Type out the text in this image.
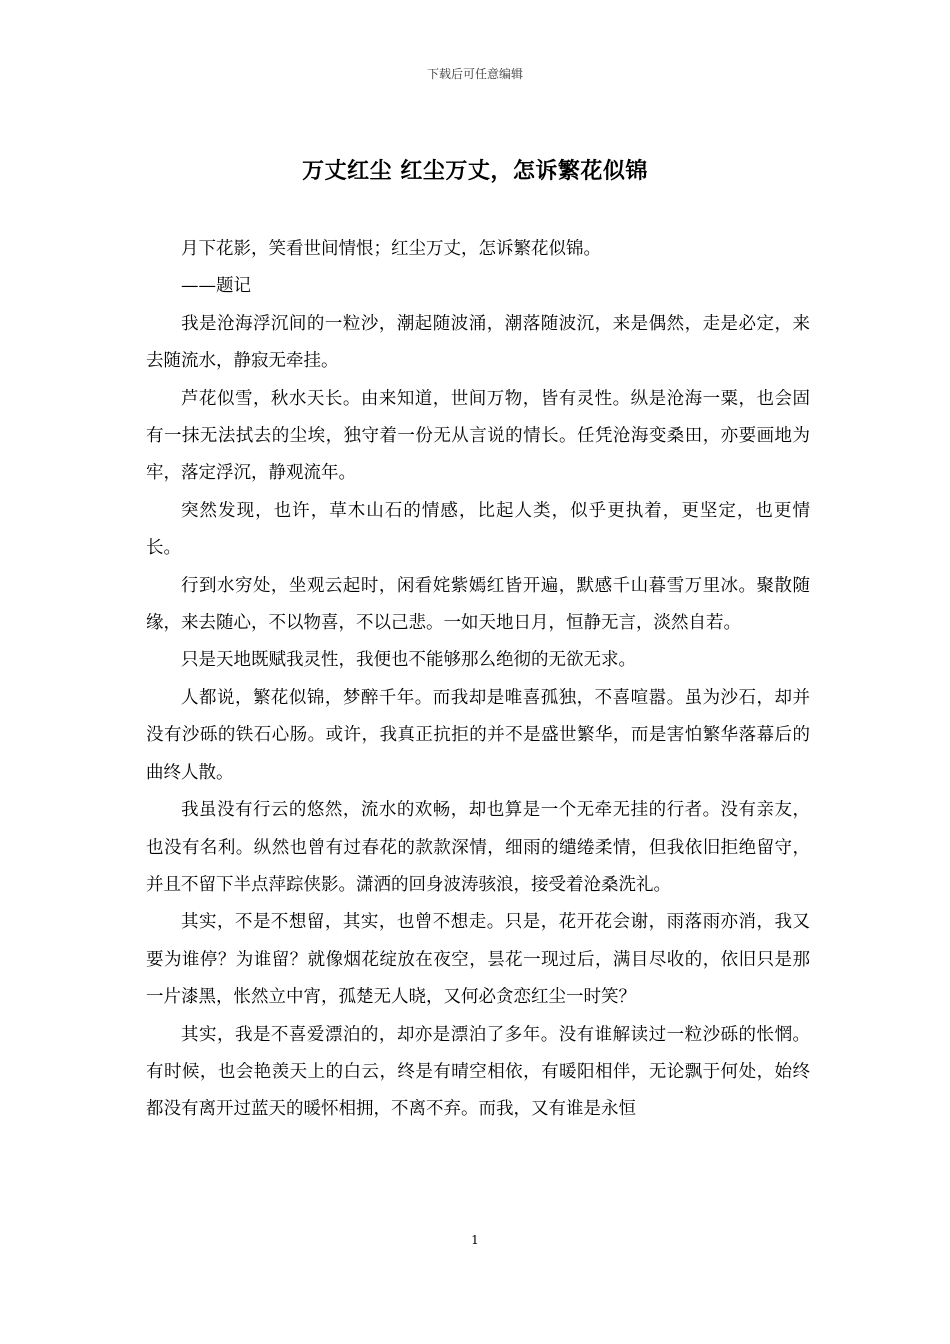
下载后可任意编辑
万丈红尘 红尘万丈，怎诉繁花似锦

月下花影，笑看世间情恨；红尘万丈，怎诉繁花似锦。

——题记

我是沧海浮沉间的一粒沙，潮起随波涌，潮落随波沉，来是偶然，走是必定，来去随流水，静寂无牵挂。

芦花似雪，秋水天长。由来知道，世间万物，皆有灵性。纵是沧海一粟，也会固有一抹无法拭去的尘埃，独守着一份无从言说的情长。任凭沧海变桑田，亦要画地为牢，落定浮沉，静观流年。

突然发现，也许，草木山石的情感，比起人类，似乎更执着，更坚定，也更情长。

行到水穷处，坐观云起时，闲看姹紫嫣红皆开遍，默感千山暮雪万里冰。聚散随缘，来去随心，不以物喜，不以己悲。一如天地日月，恒静无言，淡然自若。

只是天地既赋我灵性，我便也不能够那么绝彻的无欲无求。

人都说，繁花似锦，梦醉千年。而我却是唯喜孤独，不喜喧嚣。虽为沙石，却并没有沙砾的铁石心肠。或许，我真正抗拒的并不是盛世繁华，而是害怕繁华落幕后的曲终人散。

我虽没有行云的悠然，流水的欢畅，却也算是一个无牵无挂的行者。没有亲友，也没有名利。纵然也曾有过春花的款款深情，细雨的缱绻柔情，但我依旧拒绝留守，并且不留下半点萍踪侠影。潇洒的回身波涛骇浪，接受着沧桑洗礼。

其实，不是不想留，其实，也曾不想走。只是，花开花会谢，雨落雨亦消，我又要为谁停？为谁留？就像烟花绽放在夜空，昙花一现过后，满目尽收的，依旧只是那一片漆黑，怅然立中宵，孤楚无人晓，又何必贪恋红尘一时笑？

其实，我是不喜爱漂泊的，却亦是漂泊了多年。没有谁解读过一粒沙砾的怅惘。有时候，也会艳羡天上的白云，终是有晴空相依，有暖阳相伴，无论飘于何处，始终都没有离开过蓝天的暖怀相拥，不离不弃。而我，又有谁是永恒

1
